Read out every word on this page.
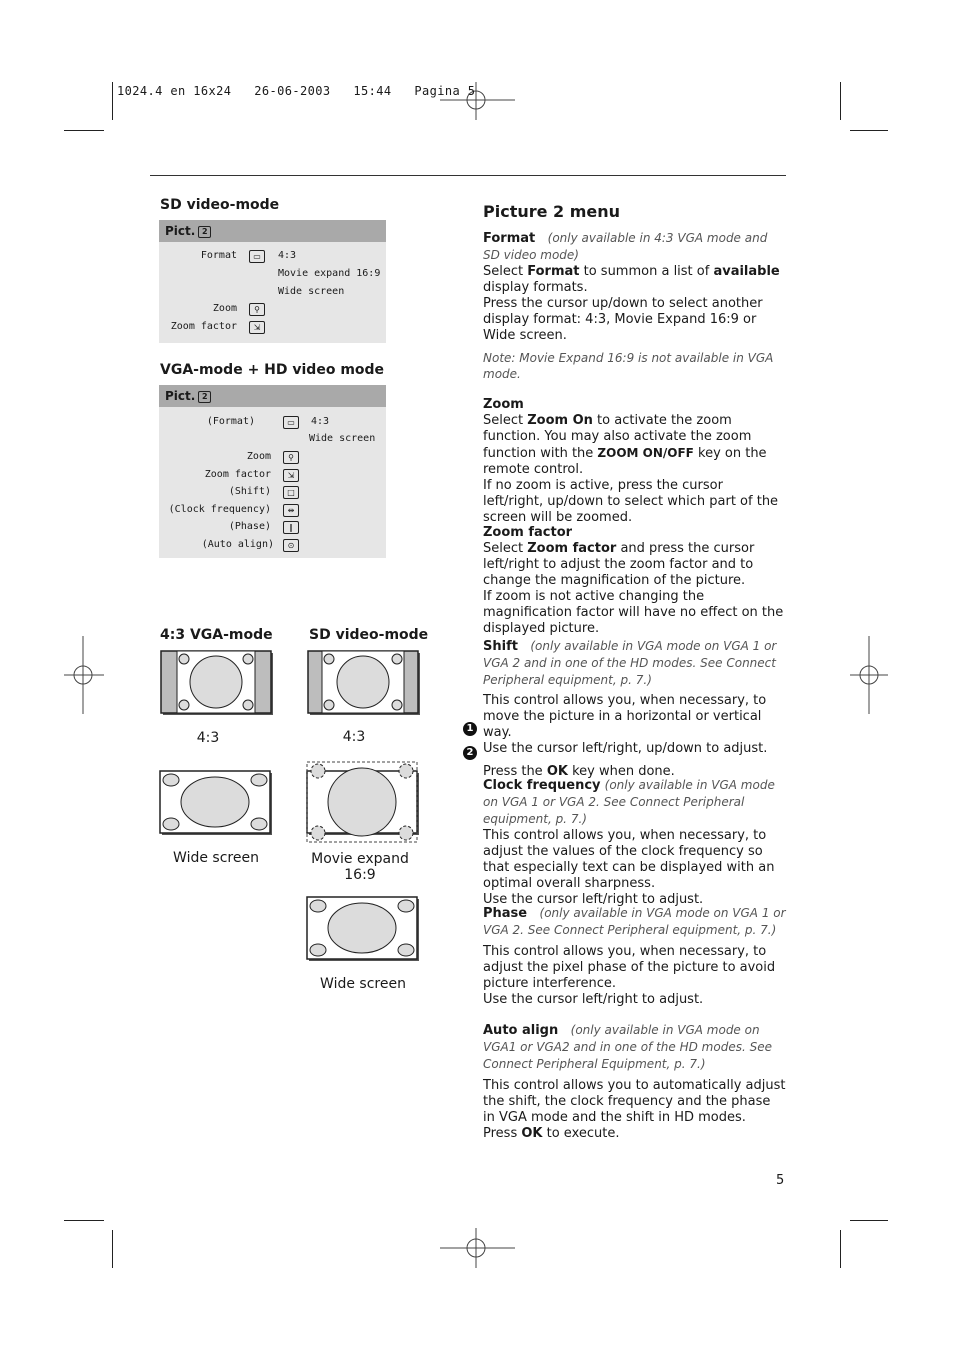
1024.4 en 16x24   26-06-2003   15:44   Pagina 5
SD video-mode
Pict. 2
Format	▭	4:3
Movie expand 16:9
Wide screen
Zoom	⚲
Zoom factor	⇲
VGA-mode + HD video mode
Pict. 2
(Format)	▭	4:3
Wide screen
Zoom	⚲
Zoom factor	⇲
(Shift)	□
(Clock frequency)	⇹
(Phase)	∥
(Auto align)	⊙
4:3 VGA-mode	SD video-mode
4:3	4:3
Wide screen	Movie expand 16:9
Wide screen
Picture 2 menu

Format (only available in 4:3 VGA mode and SD video mode)

Select Format to summon a list of available display formats.

Press the cursor up/down to select another display format: 4:3, Movie Expand 16:9 or Wide screen.

Note: Movie Expand 16:9 is not available in VGA mode.

Zoom

Select Zoom On to activate the zoom function. You may also activate the zoom function with the ZOOM ON/OFF key on the remote control.

If no zoom is active, press the cursor left/right, up/down to select which part of the screen will be zoomed.

Zoom factor

Select Zoom factor and press the cursor left/right to adjust the zoom factor and to change the magnification of the picture.

If zoom is not active changing the magnification factor will have no effect on the displayed picture.

Shift (only available in VGA mode on VGA 1 or VGA 2 and in one of the HD modes. See Connect Peripheral equipment, p. 7.)

This control allows you, when necessary, to move the picture in a horizontal or vertical way.

Use the cursor left/right, up/down to adjust.

Press the OK key when done.

1
2

Clock frequency (only available in VGA mode on VGA 1 or VGA 2. See Connect Peripheral equipment, p. 7.)

This control allows you, when necessary, to adjust the values of the clock frequency so that especially text can be displayed with an optimal overall sharpness.

Use the cursor left/right to adjust.

Phase (only available in VGA mode on VGA 1 or VGA 2. See Connect Peripheral equipment, p. 7.)

This control allows you, when necessary, to adjust the pixel phase of the picture to avoid picture interference.

Use the cursor left/right to adjust.

Auto align (only available in VGA mode on VGA1 or VGA2 and in one of the HD modes. See Connect Peripheral Equipment, p. 7.)

This control allows you to automatically adjust the shift, the clock frequency and the phase in VGA mode and the shift in HD modes.

Press OK to execute.

5
